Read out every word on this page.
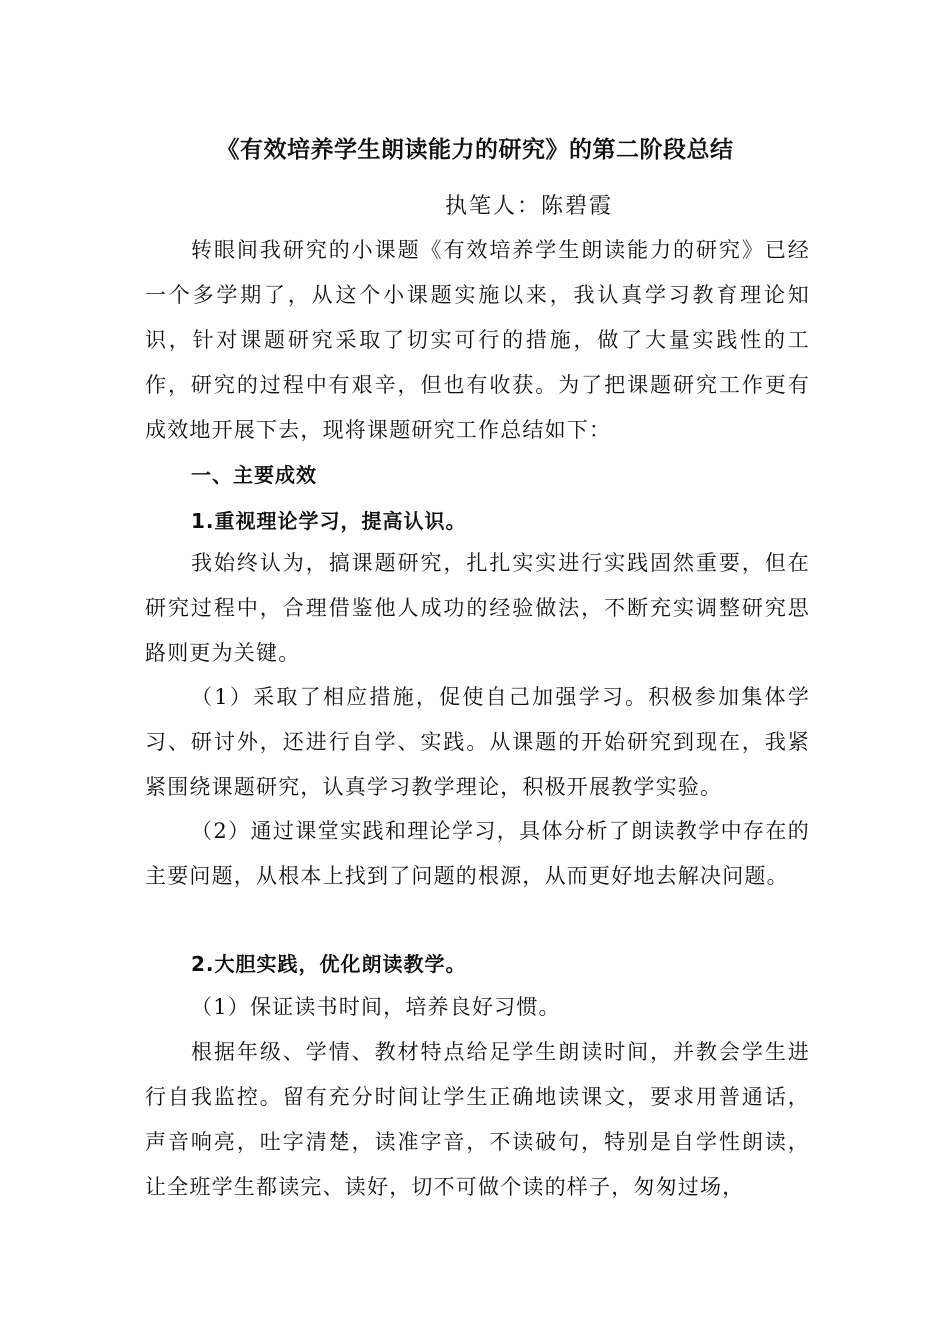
《有效培养学生朗读能力的研究》的第二阶段总结
执笔人：陈碧霞

转眼间我研究的小课题《有效培养学生朗读能力的研究》已经一个多学期了，从这个小课题实施以来，我认真学习教育理论知识，针对课题研究采取了切实可行的措施，做了大量实践性的工作，研究的过程中有艰辛，但也有收获。为了把课题研究工作更有成效地开展下去，现将课题研究工作总结如下：

一、主要成效
1.重视理论学习，提高认识。

我始终认为，搞课题研究，扎扎实实进行实践固然重要，但在研究过程中，合理借鉴他人成功的经验做法，不断充实调整研究思路则更为关键。

（1）采取了相应措施，促使自己加强学习。积极参加集体学习、研讨外，还进行自学、实践。从课题的开始研究到现在，我紧紧围绕课题研究，认真学习教学理论，积极开展教学实验。

（2）通过课堂实践和理论学习，具体分析了朗读教学中存在的主要问题，从根本上找到了问题的根源，从而更好地去解决问题。

2.大胆实践，优化朗读教学。
（1）保证读书时间，培养良好习惯。

根据年级、学情、教材特点给足学生朗读时间，并教会学生进行自我监控。留有充分时间让学生正确地读课文，要求用普通话，声音响亮，吐字清楚，读准字音，不读破句，特别是自学性朗读，让全班学生都读完、读好，切不可做个读的样子，匆匆过场，
